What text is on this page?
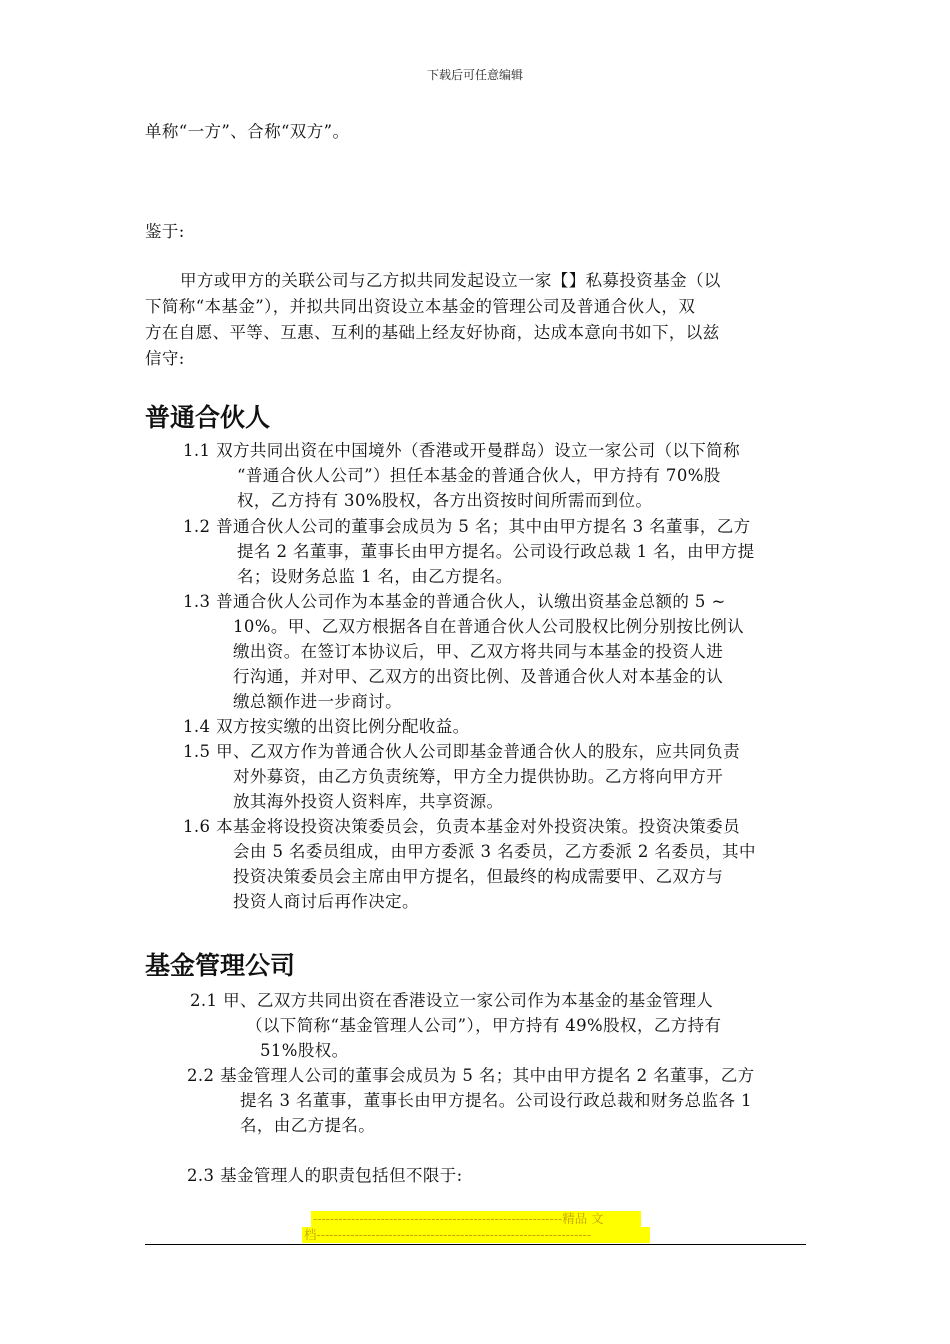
下载后可任意编辑
单称“一方”、合称“双方”。
鉴于:
甲方或甲方的关联公司与乙方拟共同发起设立一家【】私募投资基金（以
下简称“本基金”），并拟共同出资设立本基金的管理公司及普通合伙人，双
方在自愿、平等、互惠、互利的基础上经友好协商，达成本意向书如下，以兹
信守:
普通合伙人
1.1 双方共同出资在中国境外（香港或开曼群岛）设立一家公司（以下简称
“普通合伙人公司”）担任本基金的普通合伙人，甲方持有 70%股
权，乙方持有 30%股权，各方出资按时间所需而到位。
1.2 普通合伙人公司的董事会成员为 5 名；其中由甲方提名 3 名董事，乙方
提名 2 名董事，董事长由甲方提名。公司设行政总裁 1 名，由甲方提
名；设财务总监 1 名，由乙方提名。
1.3 普通合伙人公司作为本基金的普通合伙人，认缴出资基金总额的 5 ~
10%。甲、乙双方根据各自在普通合伙人公司股权比例分别按比例认
缴出资。在签订本协议后，甲、乙双方将共同与本基金的投资人进
行沟通，并对甲、乙双方的出资比例、及普通合伙人对本基金的认
缴总额作进一步商讨。
1.4 双方按实缴的出资比例分配收益。
1.5 甲、乙双方作为普通合伙人公司即基金普通合伙人的股东，应共同负责
对外募资，由乙方负责统筹，甲方全力提供协助。乙方将向甲方开
放其海外投资人资料库，共享资源。
1.6 本基金将设投资决策委员会，负责本基金对外投资决策。投资决策委员
会由 5 名委员组成，由甲方委派 3 名委员，乙方委派 2 名委员，其中
投资决策委员会主席由甲方提名，但最终的构成需要甲、乙双方与
投资人商讨后再作决定。
基金管理公司
2.1 甲、乙双方共同出资在香港设立一家公司作为本基金的基金管理人
（以下简称“基金管理人公司”），甲方持有 49%股权，乙方持有
51%股权。
2.2 基金管理人公司的董事会成员为 5 名；其中由甲方提名 2 名董事，乙方
提名 3 名董事，董事长由甲方提名。公司设行政总裁和财务总监各 1
名，由乙方提名。
2.3 基金管理人的职责包括但不限于:
-----------------------------------------------------------精品 文
档-----------------------------------------------------------------
